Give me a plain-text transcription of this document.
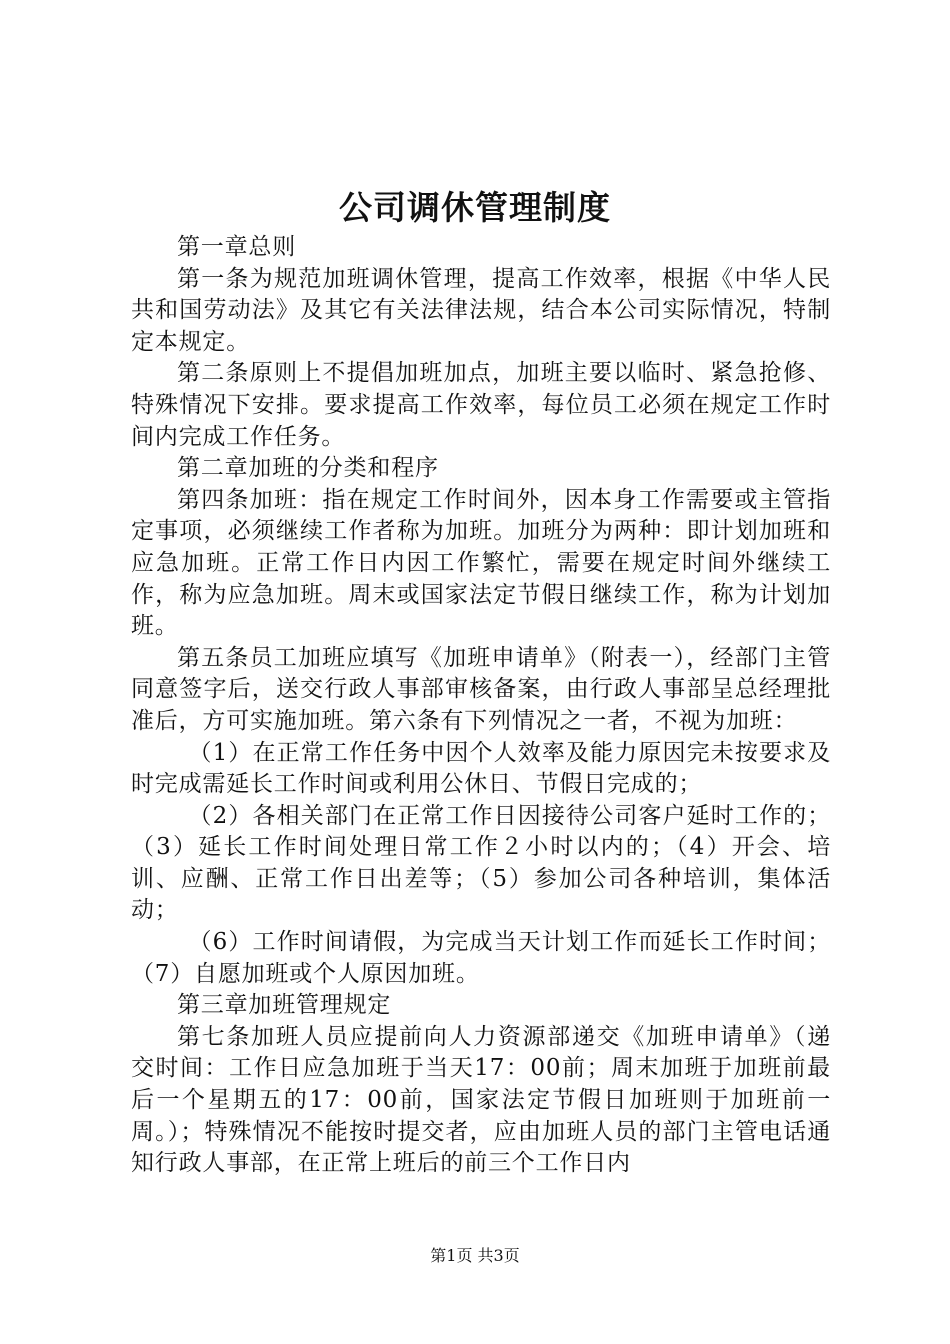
公司调休管理制度

第一章总则

第一条为规范加班调休管理，提高工作效率，根据《中华人民共和国劳动法》及其它有关法律法规，结合本公司实际情况，特制定本规定。

第二条原则上不提倡加班加点，加班主要以临时、紧急抢修、特殊情况下安排。要求提高工作效率，每位员工必须在规定工作时间内完成工作任务。

第二章加班的分类和程序

第四条加班：指在规定工作时间外，因本身工作需要或主管指定事项，必须继续工作者称为加班。加班分为两种：即计划加班和应急加班。正常工作日内因工作繁忙，需要在规定时间外继续工作，称为应急加班。周末或国家法定节假日继续工作，称为计划加班。

第五条员工加班应填写《加班申请单》（附表一），经部门主管同意签字后，送交行政人事部审核备案，由行政人事部呈总经理批准后，方可实施加班。第六条有下列情况之一者，不视为加班：

（1）在正常工作任务中因个人效率及能力原因完未按要求及时完成需延长工作时间或利用公休日、节假日完成的；

（2）各相关部门在正常工作日因接待公司客户延时工作的；（3）延长工作时间处理日常工作２小时以内的；（4）开会、培训、应酬、正常工作日出差等；（5）参加公司各种培训，集体活动；

（6）工作时间请假，为完成当天计划工作而延长工作时间；（7）自愿加班或个人原因加班。

第三章加班管理规定

第七条加班人员应提前向人力资源部递交《加班申请单》（递交时间：工作日应急加班于当天17：00前；周末加班于加班前最后一个星期五的17：00前，国家法定节假日加班则于加班前一周。）；特殊情况不能按时提交者，应由加班人员的部门主管电话通知行政人事部，在正常上班后的前三个工作日内

第1页 共3页
